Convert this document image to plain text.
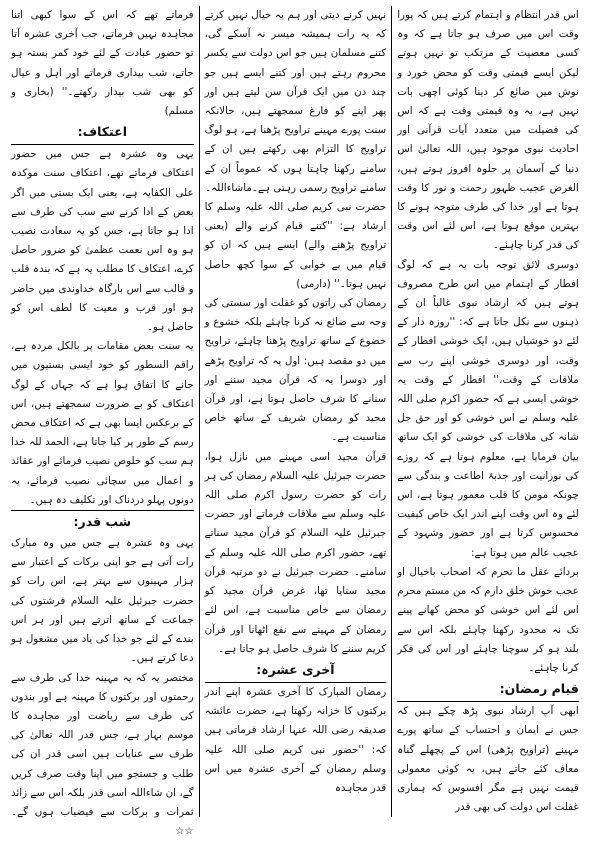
فرماتے تھے کہ اس کے سوا کبھی اتنا مجاہدہ نہیں فرماتے، جب آخری عشرہ آتا تو حضور عبادت کے لئے خود کمر بستہ ہو جاتے، شب بیداری فرماتے اور اہل و عیال کو بھی شب بیدار رکھتے۔'' (بخاری و مسلم)

اعتکاف:

یہی وہ عشرہ ہے جس میں حضور اعتکاف فرماتے تھے، اعتکاف سنت موکدہ علی الکفایہ ہے، یعنی ایک بستی میں اگر بعض کے ادا کرنے سے سب کی طرف سے ادا ہو جاتا ہے، جس کو یہ سعادت نصیب ہو وہ اس نعمت عظمیٰ کو ضرور حاصل کرے، اعتکاف کا مطلب یہ ہے کہ بندہ قلب و قالب سے اس بارگاہ خداوندی میں حاضر ہو اور قرب و معیت کا لطف اس کو حاصل ہو۔

یہ سنت بعض مقامات پر بالکل مردہ ہے، راقم السطور کو خود ایسی بستیوں میں جانے کا اتفاق ہوا ہے کہ جہاں کے لوگ اعتکاف کو بے ضرورت سمجھتے ہیں، اس کے برعکس ایسا بھی ہے کہ اعتکاف محض رسم کے طور پر کیا جاتا ہے، الحمد للہ خدا ہم سب کو خلوص نصیب فرمائے اور عقائد و اعمال میں سچائی نصیب فرمائے، یہ دونوں پہلو دردناک اور تکلیف دہ ہیں۔

شب قدر:

یہی وہ عشرہ ہے جس میں وہ مبارک رات آتی ہے جو اپنی برکات کے اعتبار سے ہزار مہینوں سے بہتر ہے، اس رات کو حضرت جبرئیل علیہ السلام فرشتوں کی جماعت کے ساتھ اترتے ہیں اور ہر اس بندے کے لئے جو خدا کی یاد میں مشغول ہو دعا کرتے ہیں۔

مختصر یہ کہ یہ مہینہ خدا کی طرف سے رحمتوں اور برکتوں کا مہینہ ہے اور بندوں کی طرف سے ریاضت اور مجاہدہ کا موسم بہار ہے، جس قدر اللہ تعالیٰ کی طرف سے عنایات ہیں اسی قدر ان کی طلب و جستجو میں اپنا وقت صرف کریں گے، ان شاءاللہ اسی قدر بلکہ اس سے زائد ثمرات و برکات سے فیضیاب ہوں گے۔ ☆☆

نہیں کرنے دیتی اور ہم یہ خیال نہیں کرتے کہ یہ رات ہمیشہ میسر نہ آسکے گی، کتنے مسلمان ہیں جو اس دولت سے یکسر محروم رہتے ہیں اور کتنے ایسے ہیں جو چند دن میں ایک قرآن سن لیتے ہیں اور پھر اپنے کو فارغ سمجھتے ہیں، حالانکہ سنت پورے مہینے تراویح پڑھنا ہے، ہو لوگ تراویح کا التزام بھی رکھتے ہیں ان کے سامنے رکھنا چاہتا ہوں کہ عموماً ان کے سامنے تراویح رسمی رہتی ہے۔ماشاءاللہ۔

حضرت نبی کریم صلی اللہ علیہ وسلم کا ارشاد ہے: ''کتنے قیام کرنے والے (یعنی تراویح پڑھنے والے) ایسے ہیں کہ ان کو قیام میں بے خوابی کے سوا کچھ حاصل نہیں ہوتا۔'' (دارمی)

رمضان کی راتوں کو غفلت اور سستی کی وجہ سے ضائع نہ کرنا چاہئے بلکہ خشوع و خضوع کے ساتھ تراویح پڑھنا چاہئے، تراویح میں دو مقصد ہیں: اول یہ کہ تراویح پڑھے اور دوسرا یہ کہ قرآن مجید سننے اور سنانے کا شرف حاصل ہوتا ہے، اور قرآن مجید کو رمضان شریف کے ساتھ خاص مناسبت ہے۔

قرآن مجید اسی مہینے میں نازل ہوا، حضرت جبرئیل علیہ السلام رمضان کی ہر رات کو حضرت رسول اکرم صلی اللہ علیہ وسلم سے ملاقات فرماتے اور حضرت جبرئیل علیہ السلام کو قرآن مجید سناتے تھے، حضور اکرم صلی اللہ علیہ وسلم کے سامنے۔ حضرت جبرئیل نے دو مرتبہ قرآن مجید سنایا تھا، غرض قرآن مجید کو رمضان سے خاص مناسبت ہے، اس لئے رمضان کے مہینے سے نفع اٹھانا اور قرآن کریم سننے کا شرف حاصل ہو جاتا ہے۔

آخری عشرہ:

رمضان المبارک کا آخری عشرہ اپنے اندر برکتوں کا خزانہ رکھتا ہے، حضرت عائشہ صدیقہ رضی اللہ عنہا ارشاد فرماتی ہیں کہ: ''حضور نبی کریم صلی اللہ علیہ وسلم رمضان کے آخری عشرہ میں اس قدر مجاہدہ

اس قدر انتظام و اہتمام کرتے ہیں کہ پورا وقت اس میں صرف ہو جاتا ہے کہ وہ کسی معصیت کے مرتکب تو نہیں ہوتے لیکن ایسے قیمتی وقت کو محض خورد و نوش میں ضائع کر دینا کوئی اچھی بات نہیں ہے، یہ وہ قیمتی وقت ہے کہ اس کی فضیلت میں متعدد آیات قرآنی اور احادیث نبوی موجود ہیں، اللہ تعالیٰ اس دنیا کے آسمان پر جلوہ افروز ہوتے ہیں، الغرض عجیب ظہور رحمت و نور کا وقت ہوتا ہے اور خدا کی طرف متوجہ ہونے کا بہترین موقع ہوتا ہے، اس لئے اس وقت کی قدر کرنا چاہئے۔

دوسری لائق توجہ بات یہ ہے کہ لوگ افطار کے اہتمام میں اس طرح مصروف ہوتے ہیں کہ ارشاد نبوی غالباً ان کے ذہنوں سے نکل جاتا ہے کہ: ''روزہ دار کے لئے دو خوشیاں ہیں، ایک خوشی افطار کے وقت، اور دوسری خوشی اپنے رب سے ملاقات کے وقت،'' افطار کے وقت یہ خوشی ایسی ہے کہ حضور اکرم صلی اللہ علیہ وسلم نے اس خوشی کو اور حق جل شانہ کی ملاقات کی خوشی کو ایک ساتھ بیان فرمایا ہے، معلوم ہوتا ہے کہ روزے کی نورانیت اور جذبۂ اطاعت و بندگی سے چونکہ مومن کا قلب معمور ہوتا ہے، اس لئے وہ اس وقت اپنے اندر ایک خاص کیفیت محسوس کرتا ہے اور حضور وشہود کے عجیب عالم میں ہوتا ہے:

بردائے عقل ما تحرم کہ اصحاب باخیال او عجب خوش خلق دارم کہ من مستم محرم اس لئے اس خوشی کو محض کھانے پینے تک نہ محدود رکھنا چاہئے بلکہ اس سے بلند ہو کر سوچنا چاہئے اور اس کی فکر کرنا چاہئے۔

قیام رمضان:

ابھی آپ ارشاد نبوی پڑھ چکے ہیں کہ جس نے ایمان و احتساب کے ساتھ پورے مہینے (تراویح پڑھی) اس کے پچھلے گناہ معاف کئے جاتے ہیں، یہ کوئی معمولی قیمت نہیں ہے مگر افسوس کہ ہماری غفلت اس دولت کی بھی قدر
